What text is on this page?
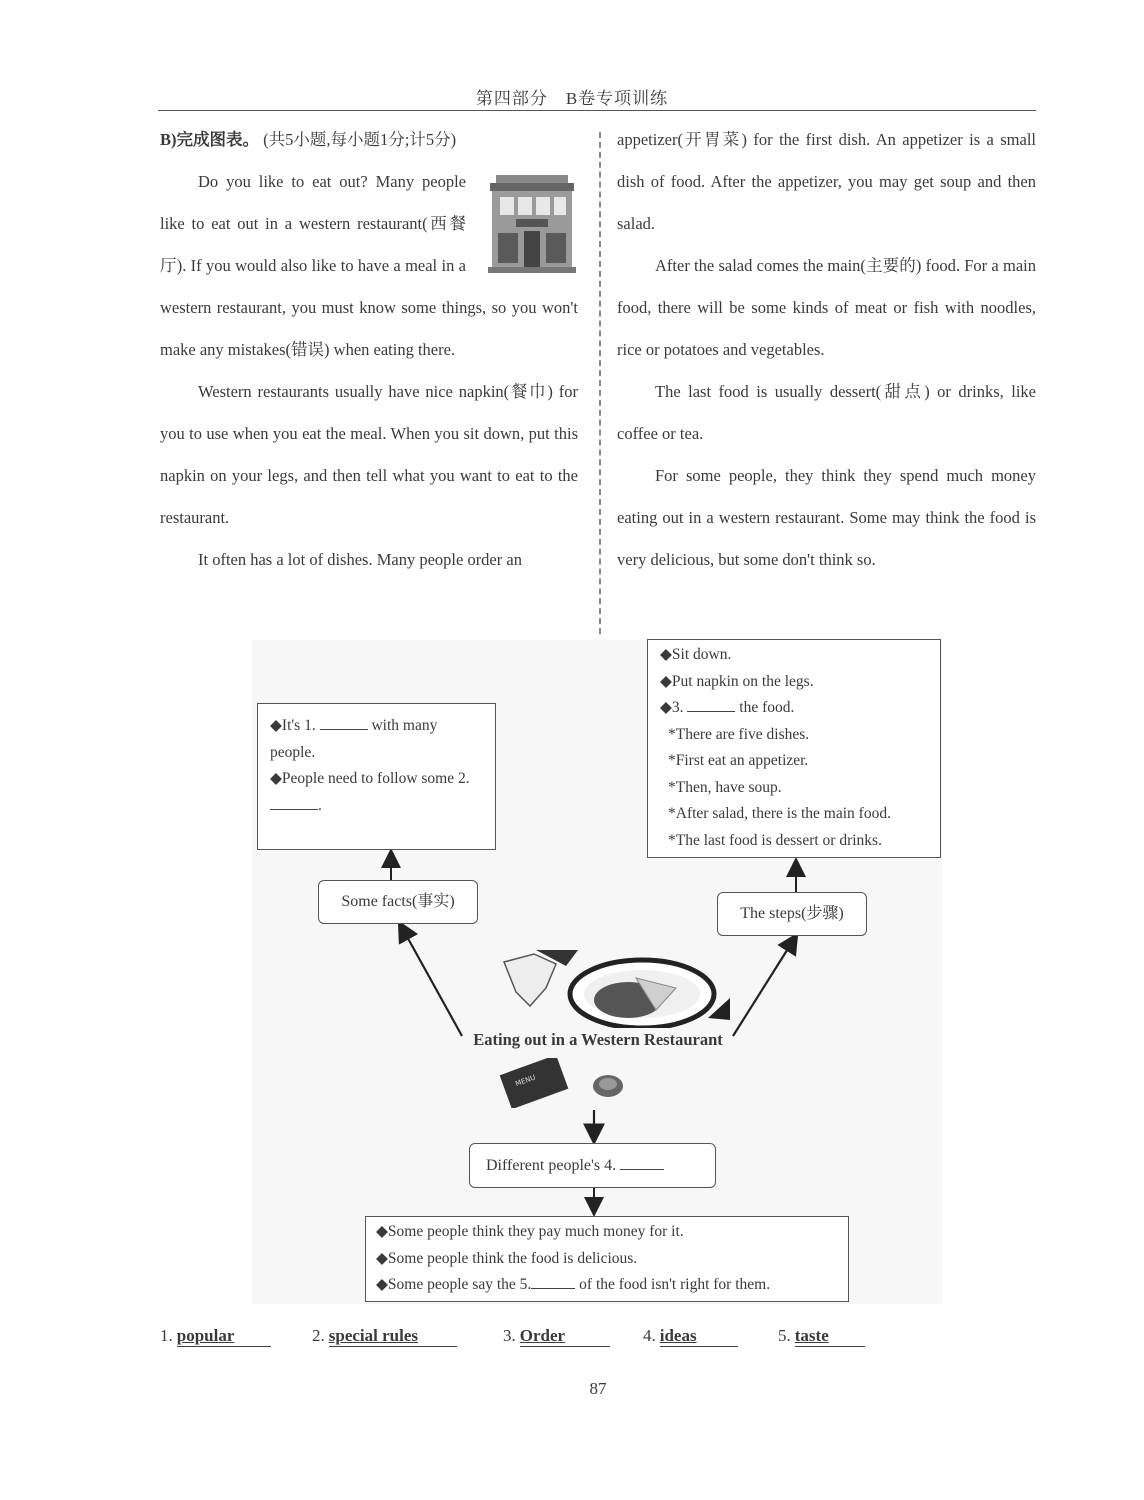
第四部分　B卷专项训练

B)完成图表。 (共5小题,每小题1分;计5分)

Do you like to eat out? Many people like to eat out in a western restaurant(西餐厅). If you would also like to have a meal in a western restaurant, you must know some things, so you won't make any mistakes(错误) when eating there.

Western restaurants usually have nice napkin(餐巾) for you to use when you eat the meal. When you sit down, put this napkin on your legs, and then tell what you want to eat to the restaurant.

It often has a lot of dishes. Many people order an

appetizer(开胃菜) for the first dish. An appetizer is a small dish of food. After the appetizer, you may get soup and then salad.

After the salad comes the main(主要的) food. For a main food, there will be some kinds of meat or fish with noodles, rice or potatoes and vegetables.

The last food is usually dessert(甜点) or drinks, like coffee or tea.

For some people, they think they spend much money eating out in a western restaurant. Some may think the food is very delicious, but some don't think so.

Eating out in a Western Restaurant
MENU
◆It's 1.	with many people.
◆People need to follow some 2. .
Some facts(事实)
◆Sit down.
◆Put napkin on the legs.
◆3.	the food.
*There are five dishes.
*First eat an appetizer.
*Then, have soup.
*After salad, there is the main food.
*The last food is dessert or drinks.
The steps(步骤)
Different people's 4.
◆Some people think they pay much money for it.
◆Some people think the food is delicious.
◆Some people say the 5.	of the food isn't right for them.
1. popular	2. special rules	3. Order	4. ideas	5. taste
87
